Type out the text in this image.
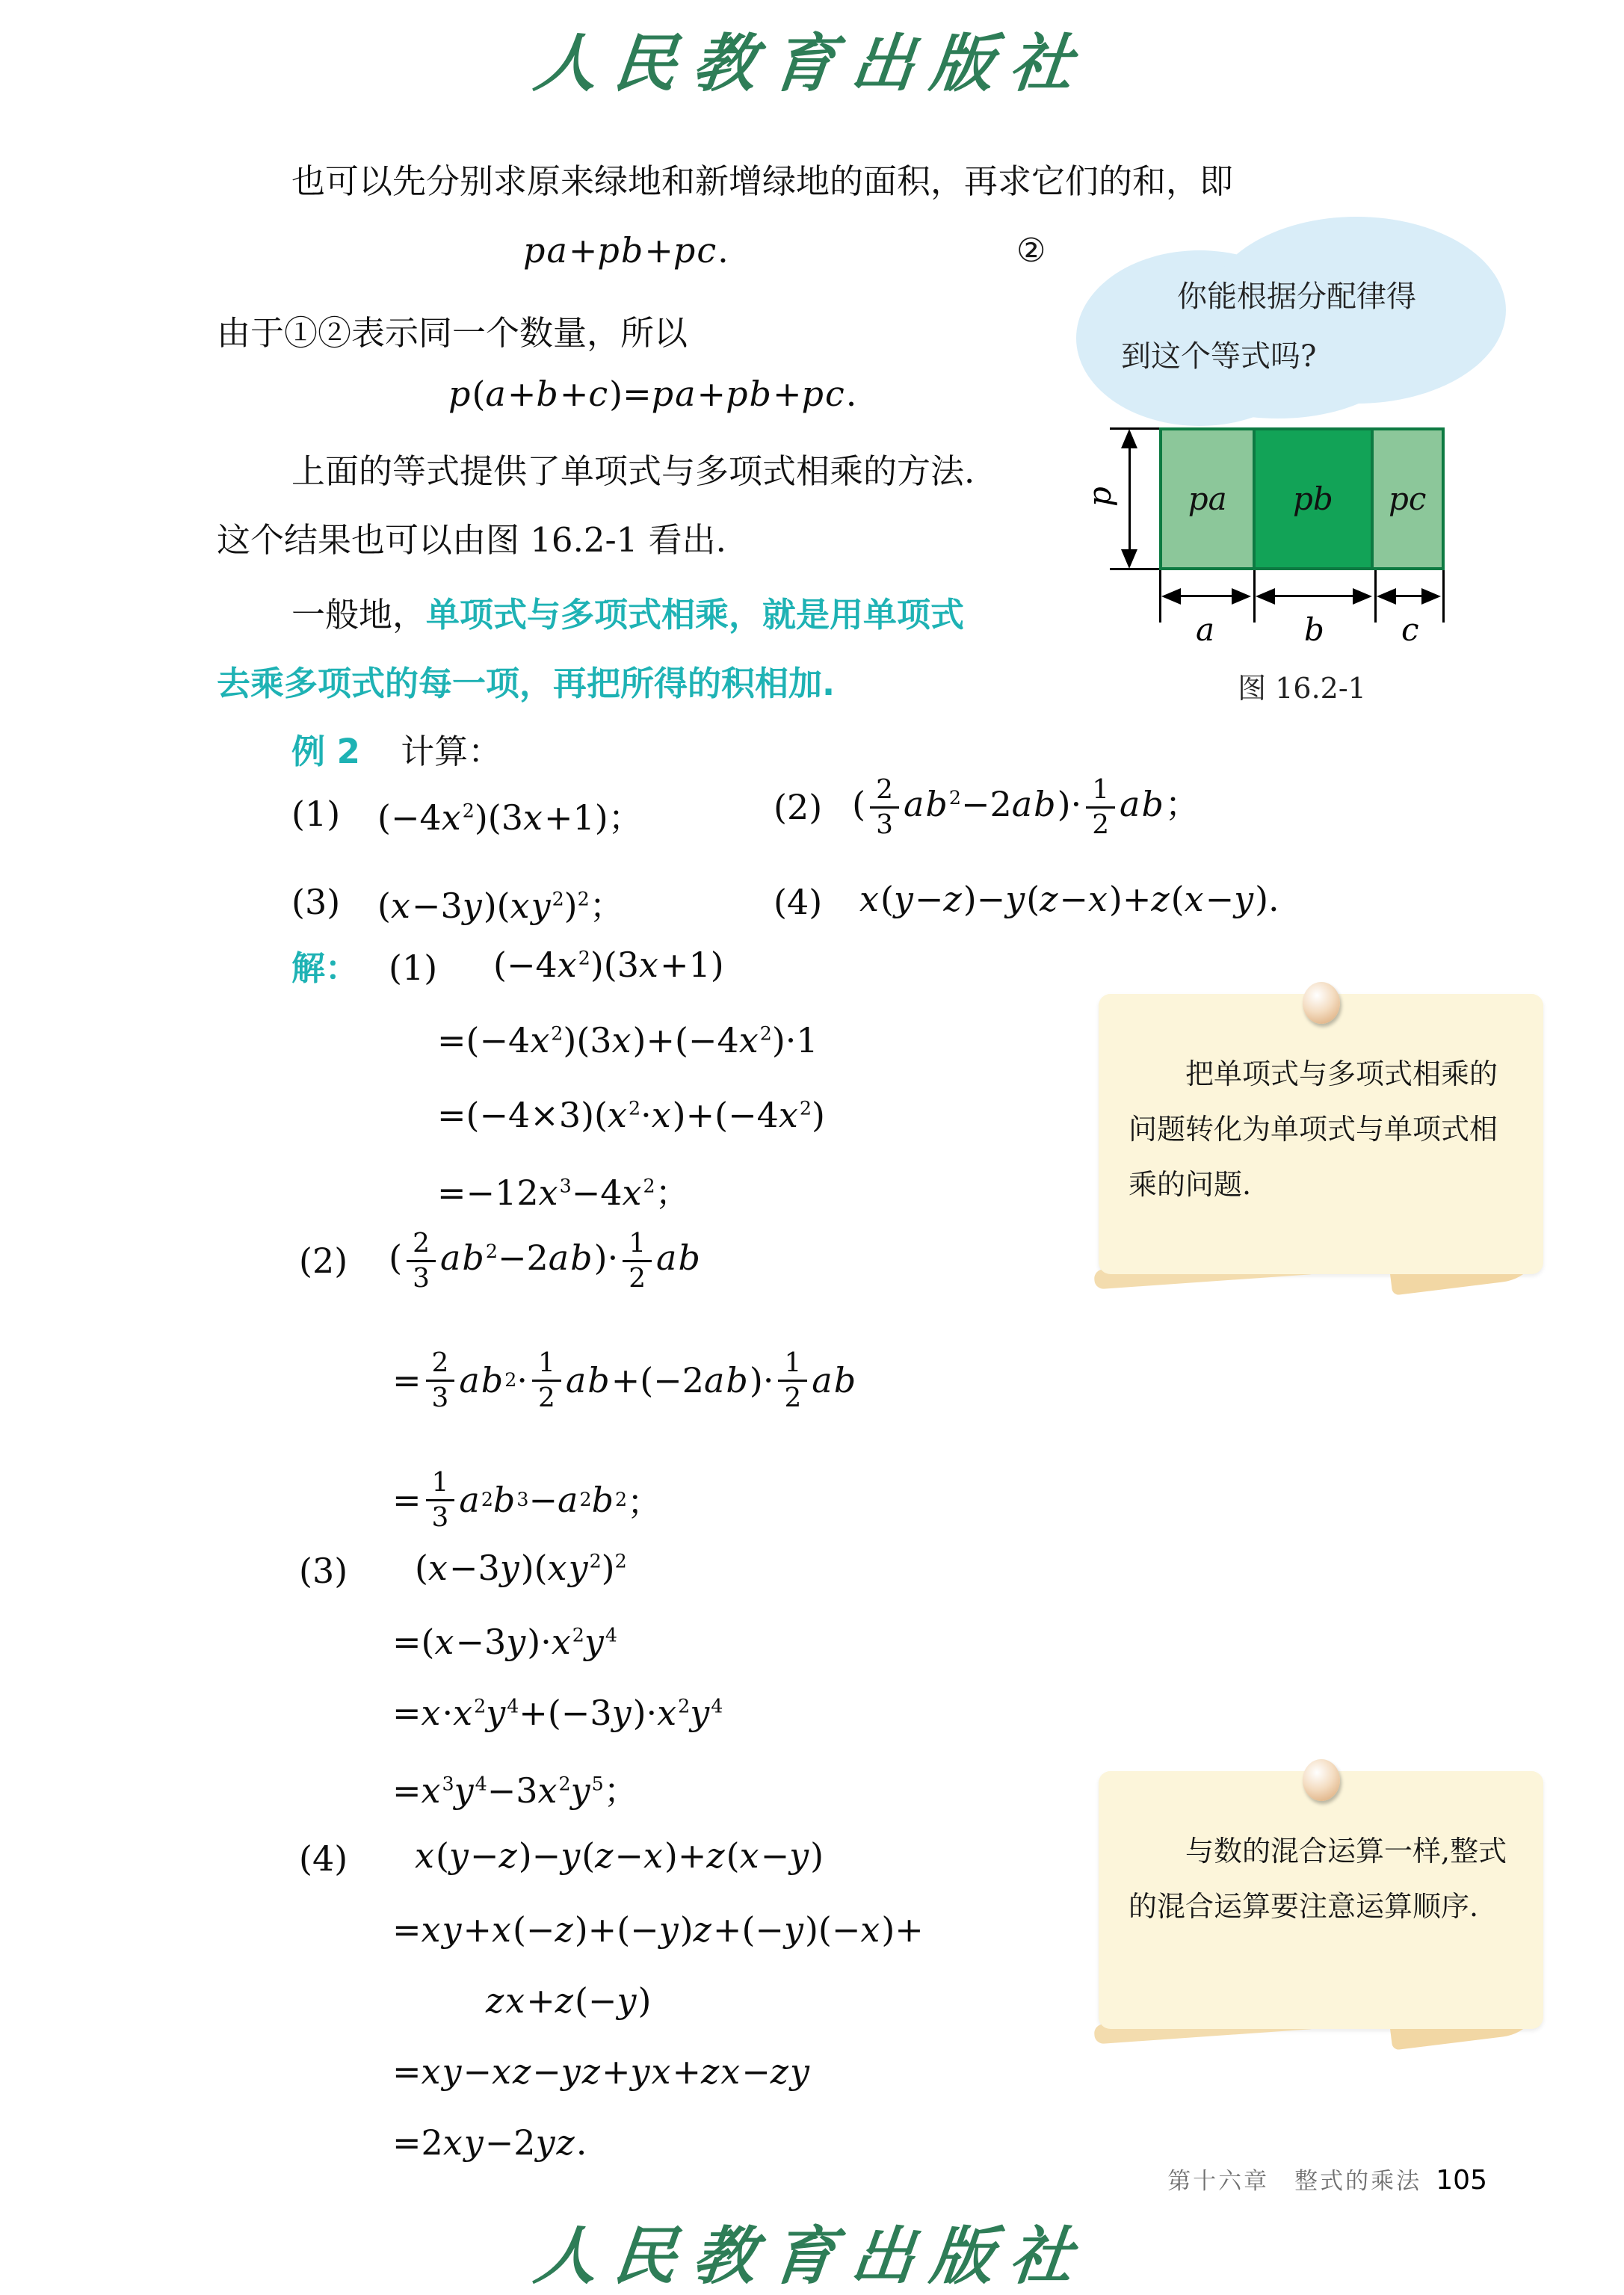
人民教育出版社
也可以先分别求原来绿地和新增绿地的面积，再求它们的和，即
pa+pb+pc.	②
由于①②表示同一个数量，所以
p(a+b+c)=pa+pb+pc.
上面的等式提供了单项式与多项式相乘的方法.
这个结果也可以由图 16.2-1 看出.
一般地，单项式与多项式相乘，就是用单项式
去乘多项式的每一项，再把所得的积相加.
例 2 计算：
(1) $(-4x^2)(3x+1)$；	(2) ( $\frac{2}{3} ab^2-2ab)\cdot \frac{1}{2}$ ab；
(3) $(x-3y)(xy^2)^2$；	(4) x(y−z)−y(z−x)+z(x−y).
解： (1) $(-4x^2)(3x+1)$
$=(-4x^2)(3x)+(-4x^2)\cdot 1$
$=(-4\times 3)(x^2\cdot x)+(-4x^2)$
$=-12x^3-4x^2$；
(2) ( $\frac{2}{3} ab^2-2ab)\cdot \frac{1}{2}$ ab
= 2
3 ab 2 · 1
2 ab +(−2 ab )· 1
2 ab
= 1
3 a 2 b 3 − a 2 b 2 ；
(3) $(x-3y)(xy^2)^2$
$=(x-3y)\cdot x^2y^4$
$=x\cdot x^2y^4+(-3y)\cdot x^2y^4$
$=x^3y^4-3x^2y^5$；
(4) x(y−z)−y(z−x)+z(x−y)
=xy+x(−z)+(−y)z+(−y)(−x)+
zx+z(−y)
=xy−xz−yz+yx+zx−zy
=2xy−2yz.
你能根据分配律得
到这个等式吗?
p pa pb pc
a	b c
图 16.2-1

把单项式与多项式相乘的问题转化为单项式与单项式相乘的问题.

与数的混合运算一样,整式的混合运算要注意运算顺序.

第十六章　整式的乘法 105
人民教育出版社
